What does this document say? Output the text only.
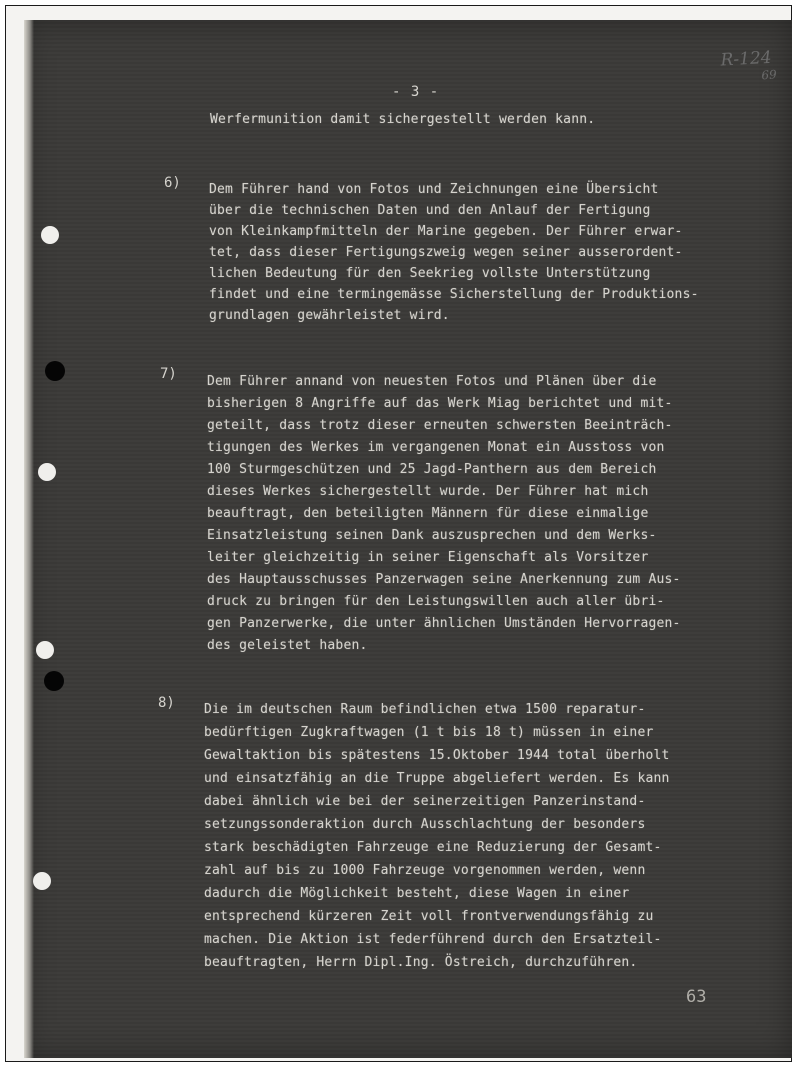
R-124
69
- 3 -
Werfermunition damit sichergestellt werden kann.
6) Dem Führer hand von Fotos und Zeichnungen eine Übersicht
über die technischen Daten und den Anlauf der Fertigung
von Kleinkampfmitteln der Marine gegeben. Der Führer erwar-
tet, dass dieser Fertigungszweig wegen seiner ausserordent-
lichen Bedeutung für den Seekrieg vollste Unterstützung
findet und eine termingemässe Sicherstellung der Produktions-
grundlagen gewährleistet wird.
7) Dem Führer annand von neuesten Fotos und Plänen über die
bisherigen 8 Angriffe auf das Werk Miag berichtet und mit-
geteilt, dass trotz dieser erneuten schwersten Beeinträch-
tigungen des Werkes im vergangenen Monat ein Ausstoss von
100 Sturmgeschützen und 25 Jagd-Panthern aus dem Bereich
dieses Werkes sichergestellt wurde. Der Führer hat mich
beauftragt, den beteiligten Männern für diese einmalige
Einsatzleistung seinen Dank auszusprechen und dem Werks-
leiter gleichzeitig in seiner Eigenschaft als Vorsitzer
des Hauptausschusses Panzerwagen seine Anerkennung zum Aus-
druck zu bringen für den Leistungswillen auch aller übri-
gen Panzerwerke, die unter ähnlichen Umständen Hervorragen-
des geleistet haben.
8) Die im deutschen Raum befindlichen etwa 1500 reparatur-
bedürftigen Zugkraftwagen (1 t bis 18 t) müssen in einer
Gewaltaktion bis spätestens 15.Oktober 1944 total überholt
und einsatzfähig an die Truppe abgeliefert werden. Es kann
dabei ähnlich wie bei der seinerzeitigen Panzerinstand-
setzungssonderaktion durch Ausschlachtung der besonders
stark beschädigten Fahrzeuge eine Reduzierung der Gesamt-
zahl auf bis zu 1000 Fahrzeuge vorgenommen werden, wenn
dadurch die Möglichkeit besteht, diese Wagen in einer
entsprechend kürzeren Zeit voll frontverwendungsfähig zu
machen. Die Aktion ist federführend durch den Ersatzteil-
beauftragten, Herrn Dipl.Ing. Östreich, durchzuführen.
63
